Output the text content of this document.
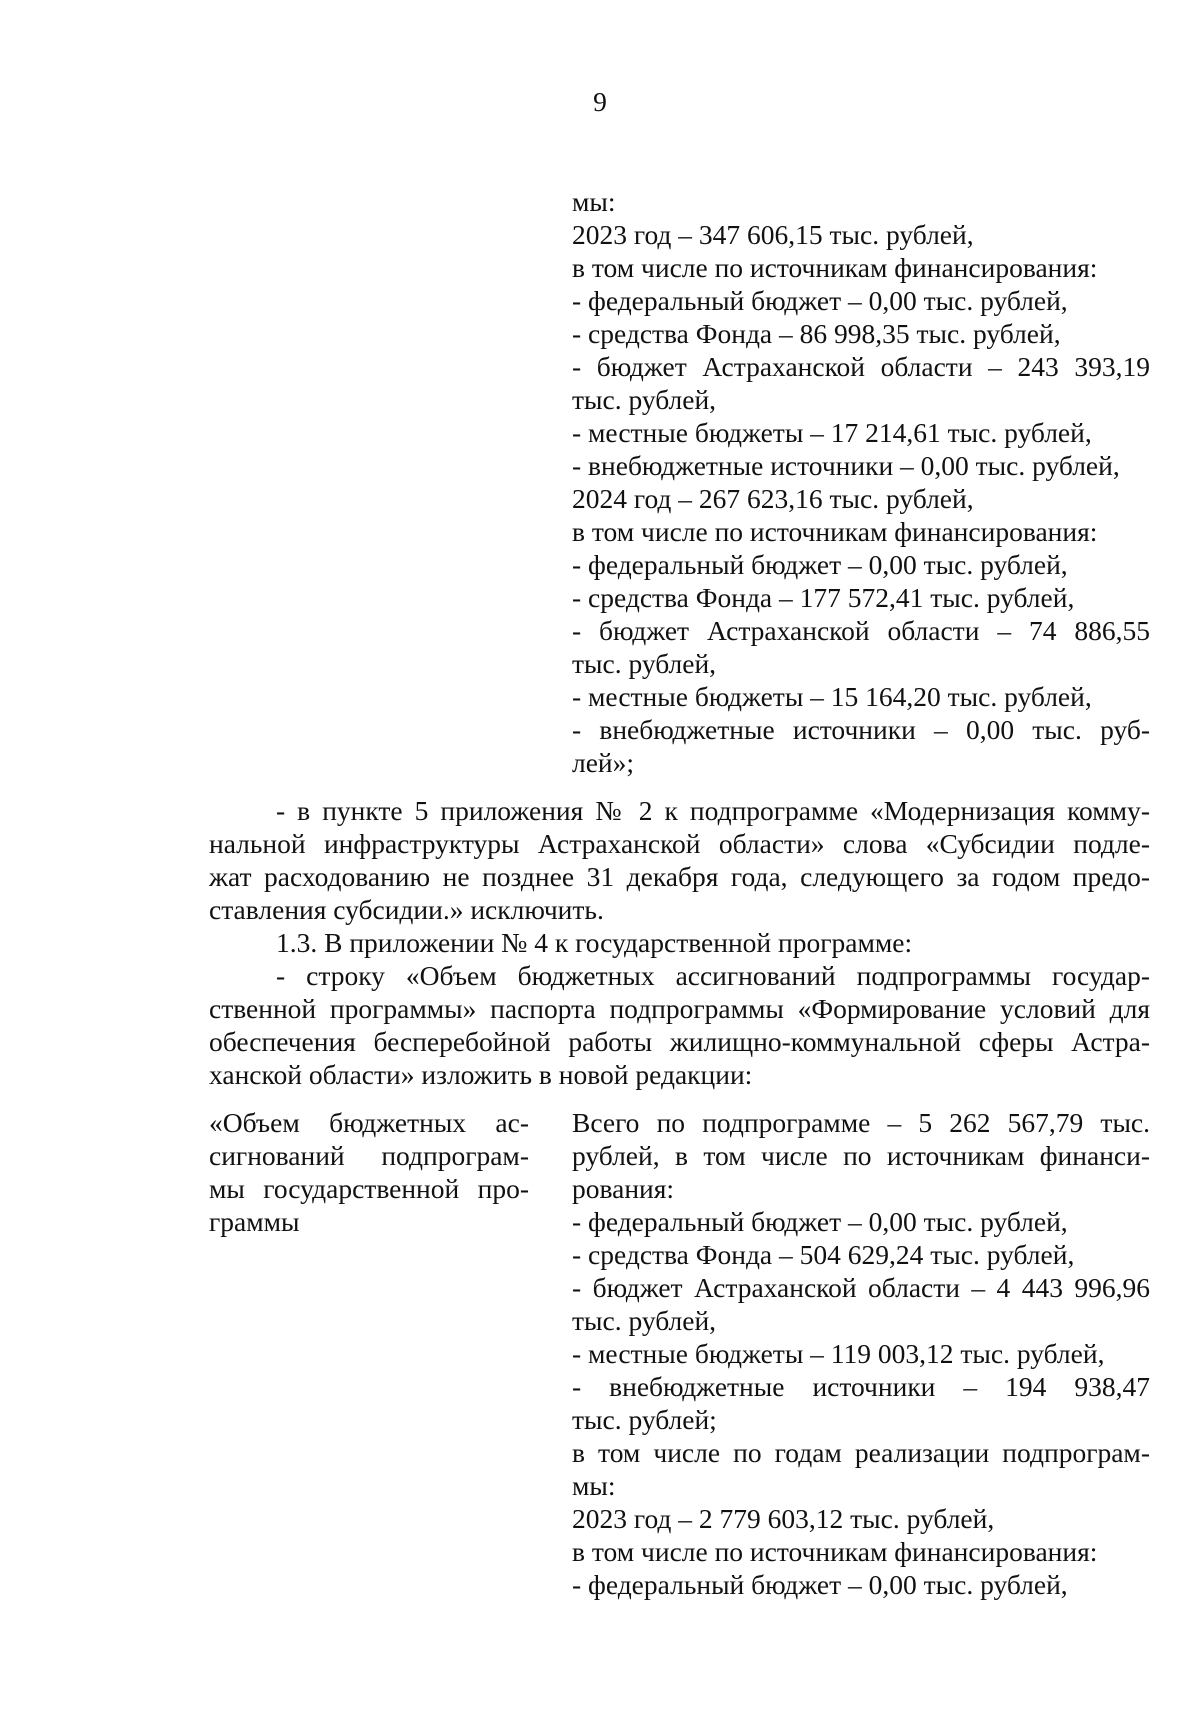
9
мы:
2023 год – 347 606,15 тыс. рублей,
в том числе по источникам финансирования:
- федеральный бюджет – 0,00 тыс. рублей,
- средства Фонда – 86 998,35 тыс. рублей,
- бюджет Астраханской области – 243 393,19
тыс. рублей,
- местные бюджеты – 17 214,61 тыс. рублей,
- внебюджетные источники – 0,00 тыс. рублей,
2024 год – 267 623,16 тыс. рублей,
в том числе по источникам финансирования:
- федеральный бюджет – 0,00 тыс. рублей,
- средства Фонда – 177 572,41 тыс. рублей,
- бюджет Астраханской области – 74 886,55
тыс. рублей,
- местные бюджеты – 15 164,20 тыс. рублей,
- внебюджетные источники – 0,00 тыс. руб-
лей»;
- в пункте 5 приложения № 2 к подпрограмме «Модернизация комму-
нальной инфраструктуры Астраханской области» слова «Субсидии подле-
жат расходованию не позднее 31 декабря года, следующего за годом предо-
ставления субсидии.» исключить.
1.3. В приложении № 4 к государственной программе:
- строку «Объем бюджетных ассигнований подпрограммы государ-
ственной программы» паспорта подпрограммы «Формирование условий для
обеспечения бесперебойной работы жилищно-коммунальной сферы Астра-
ханской области» изложить в новой редакции:
«Объем бюджетных ас-
сигнований подпрограм-
мы государственной про-
граммы
Всего по подпрограмме – 5 262 567,79 тыс.
рублей, в том числе по источникам финанси-
рования:
- федеральный бюджет – 0,00 тыс. рублей,
- средства Фонда – 504 629,24 тыс. рублей,
- бюджет Астраханской области – 4 443 996,96
тыс. рублей,
- местные бюджеты – 119 003,12 тыс. рублей,
- внебюджетные источники – 194 938,47
тыс. рублей;
в том числе по годам реализации подпрограм-
мы:
2023 год – 2 779 603,12 тыс. рублей,
в том числе по источникам финансирования:
- федеральный бюджет – 0,00 тыс. рублей,
